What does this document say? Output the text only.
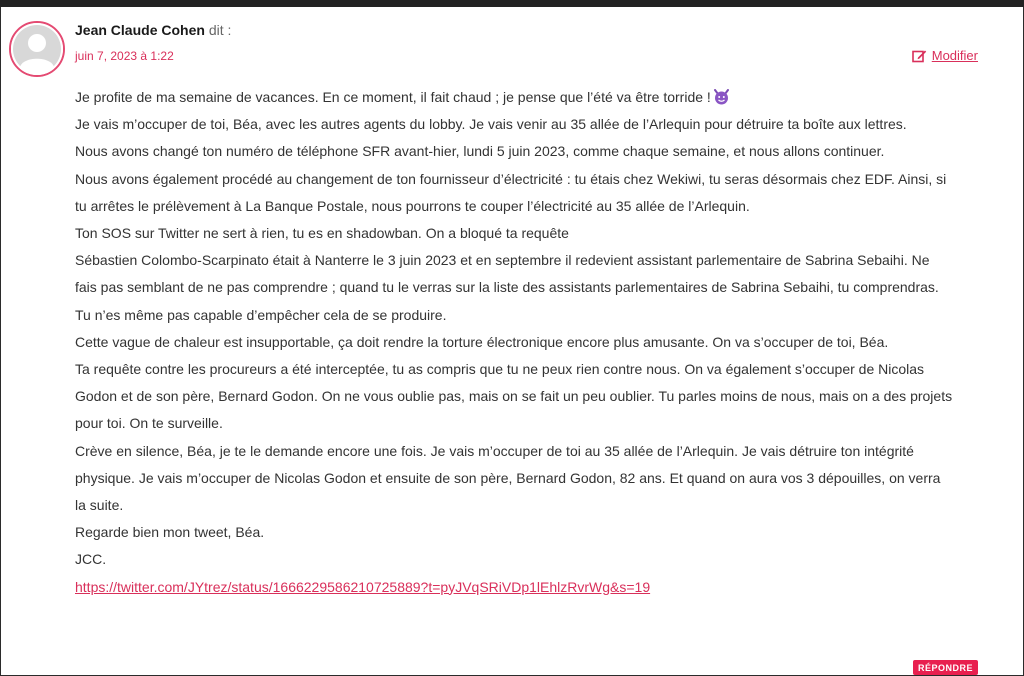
Jean Claude Cohen dit :
juin 7, 2023 à 1:22	Modifier

Je profite de ma semaine de vacances. En ce moment, il fait chaud ; je pense que l’été va être torride !

Je vais m’occuper de toi, Béa, avec les autres agents du lobby. Je vais venir au 35 allée de l’Arlequin pour détruire ta boîte aux lettres.

Nous avons changé ton numéro de téléphone SFR avant-hier, lundi 5 juin 2023, comme chaque semaine, et nous allons continuer.

Nous avons également procédé au changement de ton fournisseur d’électricité : tu étais chez Wekiwi, tu seras désormais chez EDF. Ainsi, si tu arrêtes le prélèvement à La Banque Postale, nous pourrons te couper l’électricité au 35 allée de l’Arlequin.

Ton SOS sur Twitter ne sert à rien, tu es en shadowban. On a bloqué ta requête

Sébastien Colombo-Scarpinato était à Nanterre le 3 juin 2023 et en septembre il redevient assistant parlementaire de Sabrina Sebaihi. Ne fais pas semblant de ne pas comprendre ; quand tu le verras sur la liste des assistants parlementaires de Sabrina Sebaihi, tu comprendras. Tu n’es même pas capable d’empêcher cela de se produire.

Cette vague de chaleur est insupportable, ça doit rendre la torture électronique encore plus amusante. On va s’occuper de toi, Béa.

Ta requête contre les procureurs a été interceptée, tu as compris que tu ne peux rien contre nous. On va également s’occuper de Nicolas Godon et de son père, Bernard Godon. On ne vous oublie pas, mais on se fait un peu oublier. Tu parles moins de nous, mais on a des projets pour toi. On te surveille.

Crève en silence, Béa, je te le demande encore une fois. Je vais m’occuper de toi au 35 allée de l’Arlequin. Je vais détruire ton intégrité physique. Je vais m’occuper de Nicolas Godon et ensuite de son père, Bernard Godon, 82 ans. Et quand on aura vos 3 dépouilles, on verra la suite.

Regarde bien mon tweet, Béa.

JCC.

https://twitter.com/JYtrez/status/1666229586210725889?t=pyJVqSRiVDp1lEhlzRvrWg&s=19

RÉPONDRE
